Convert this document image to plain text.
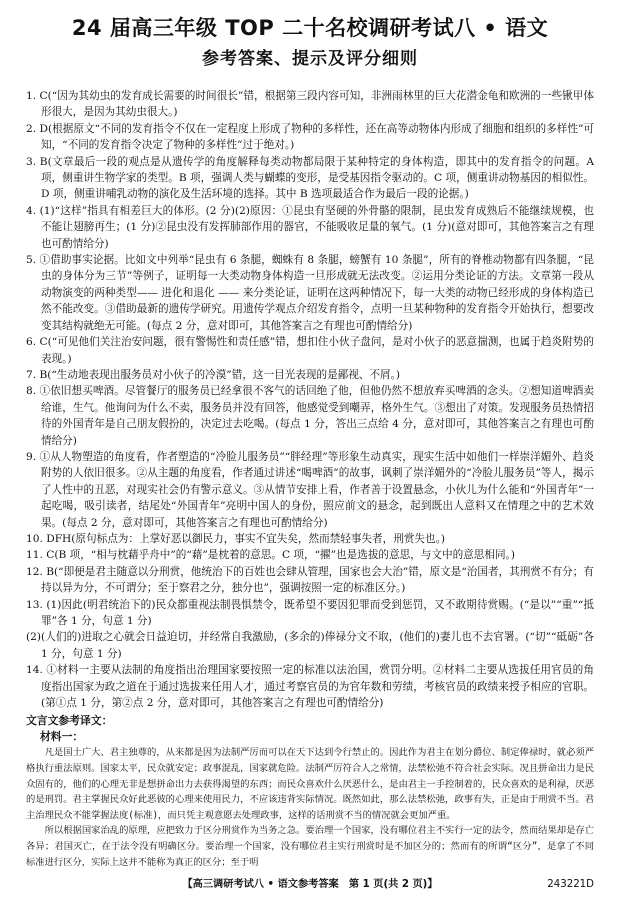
24 届高三年级 TOP 二十名校调研考试八 • 语文
参考答案、提示及评分细则

1. C(“因为其幼虫的发育成长需要的时间很长”错，根据第三段内容可知，非洲雨林里的巨大花潜金龟和欧洲的一些锹甲体形很大，是因为其幼虫很大。)

2. D(根据原文“不同的发育指令不仅在一定程度上形成了物种的多样性，还在高等动物体内形成了细胞和组织的多样性”可知，“不同的发育指令决定了物种的多样性”过于绝对。)

3. B(文章最后一段的观点是从遗传学的角度解释每类动物都局限于某种特定的身体构造，即其中的发育指令的问题。A 项，侧重讲生物学家的类型。B 项，强调人类与蝴蝶的变形，是受基因指令驱动的。C 项，侧重讲动物基因的相似性。D 项，侧重讲哺乳动物的演化及生活环境的选择。其中 B 选项最适合作为最后一段的论据。)

4. (1)“这样”指具有相差巨大的体形。(2 分)(2)原因：①昆虫有坚硬的外骨骼的限制，昆虫发育成熟后不能继续规模，也不能让翅膀再生；(1 分)②昆虫没有发挥肺部作用的器官，不能吸收足量的氧气。(1 分)(意对即可，其他答案言之有理也可酌情给分)

5. ①借助事实论据。比如文中列举“昆虫有 6 条腿，蜘蛛有 8 条腿，螃蟹有 10 条腿”，所有的脊椎动物都有四条腿，“昆虫的身体分为三节”等例子，证明每一大类动物身体构造一旦形成就无法改变。②运用分类论证的方法。文章第一段从动物演变的两种类型—— 进化和退化 —— 来分类论证，证明在这两种情况下，每一大类的动物已经形成的身体构造已然不能改变。③借助最新的遗传学研究。用遗传学观点介绍发育指令，点明一旦某种物种的发育指令开始执行，想要改变其结构就绝无可能。(每点 2 分，意对即可，其他答案言之有理也可酌情给分)

6. C(“可见他们关注治安问题，很有警惕性和责任感”错，想扣住小伙子盘问，是对小伙子的恶意揣测，也属于趋炎附势的表现。)

7. B(“生动地表现出服务员对小伙子的冷漠”错，这一目光表现的是鄙视、不屑。)

8. ①依旧想买啤酒。尽管餐厅的服务员已经拿很不客气的话回绝了他，但他仍然不想放弃买啤酒的念头。②想知道啤酒卖给谁，生气。他询问为什么不卖，服务员并没有回答，他感觉受到嘲弄，格外生气。③想出了对策。发现服务员热情招待的外国青年是自己朋友假扮的，决定过去吃喝。(每点 1 分，答出三点给 4 分，意对即可，其他答案言之有理也可酌情给分)

9. ①从人物塑造的角度看，作者塑造的“冷脸儿服务员”“胖经理”等形象生动真实，现实生活中如他们一样崇洋媚外、趋炎附势的人依旧很多。②从主题的角度看，作者通过讲述“喝啤酒”的故事，讽刺了崇洋媚外的“冷脸儿服务员”等人，揭示了人性中的丑恶，对现实社会仍有警示意义。③从情节安排上看，作者善于设置悬念，小伙儿为什么能和“外国青年”一起吃喝，吸引读者，结尾处“外国青年”亮明中国人的身份，照应前文的悬念，起到既出人意料又在情理之中的艺术效果。(每点 2 分，意对即可，其他答案言之有理也可酌情给分)

10. DFH(原句标点为：上掌好恶以御民力，事实不宜失矣，然而禁轻事失者，刑赏失也。)

11. C(B 项，“相与枕藉乎舟中”的“藉”是枕着的意思。C 项，“擢”也是选拔的意思，与文中的意思相同。)

12. B(“即便是君主随意以分刑赏，他统治下的百姓也会肆从管理，国家也会大治”错，原文是“治国者，其刑赏不有分；有持以异为分，不可谓分；至于察君之分，独分也”，强调按照一定的标准区分。)

13. (1)因此(明君统治下的)民众都重视法制畏惧禁令，既希望不要因犯罪而受到惩罚，又不敢期待赏赐。(“是以”“重”“抵罪”各 1 分，句意 1 分)

(2)(人们的)进取之心就会日益迫切，并经常自我激励，(多余的)俸禄分文不取，(他们的)妻儿也不去官署。(“切”“砥砺”各 1 分，句意 1 分)

14. ①材料一主要从法制的角度指出治理国家要按照一定的标准以法治国，赏罚分明。②材料二主要从选拔任用官员的角度指出国家为政之道在于通过选拔来任用人才，通过考察官员的为官年数和劳绩，考核官员的政绩来授予相应的官职。(第①点 1 分，第②点 2 分，意对即可，其他答案言之有理也可酌情给分)

文言文参考译文：
材料一：

凡是国土广大、君主独尊的，从来都是因为法制严厉而可以在天下达到令行禁止的。因此作为君主在划分爵位、制定俸禄时，就必须严格执行重法原则。国家太平，民众就安定；政事混乱，国家就危险。法制严厉符合人之常情，法禁松弛不符合社会实际。况且拼命出力是民众固有的，他们的心理无非是想拼命出力去获得渴望的东西；而民众喜欢什么厌恶什么，是由君主一手控制着的，民众喜欢的是利禄，厌恶的是刑罚。君主掌握民众好此恶彼的心理来使用民力，不应该违背实际情况。既然如此，那么法禁松弛，政事有失，正是由于刑赏不当。君主治理民众不能掌握法度(标准)，而只凭主观意愿去处理政事，这样的话刑赏不当的情况就会更加严重。

所以根据国家治乱的原理，应把致力于区分刑赏作为当务之急。要治理一个国家，没有哪位君主不实行一定的法令，然而结果却是存亡各异；君国灭亡，在于法令没有明确区分。要治理一个国家，没有哪位君主实行刑赏时是不加区分的；然而有的所谓“区分”，是拿了不同标准进行区分，实际上这并不能称为真正的区分；至于明

【高三调研考试八 • 语文参考答案　第 1 页(共 2 页)】	243221D
